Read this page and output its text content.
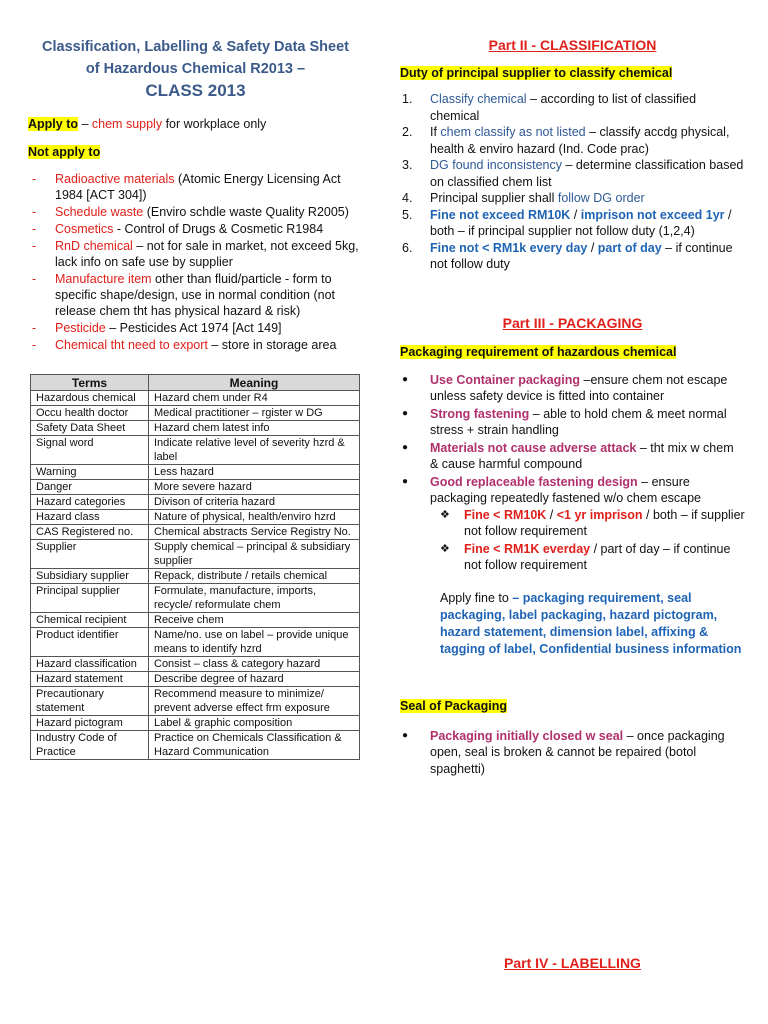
Classification, Labelling & Safety Data Sheet
of Hazardous Chemical R2013 –
CLASS 2013
Apply to – chem supply for workplace only
Not apply to
- Radioactive materials (Atomic Energy Licensing Act 1984 [ACT 304])
- Schedule waste (Enviro schdle waste Quality R2005)
- Cosmetics - Control of Drugs & Cosmetic R1984
- RnD chemical – not for sale in market, not exceed 5kg, lack info on safe use by supplier
- Manufacture item other than fluid/particle - form to specific shape/design, use in normal condition (not release chem tht has physical hazard & risk)
- Pesticide – Pesticides Act 1974 [Act 149]
- Chemical tht need to export – store in storage area
Terms	Meaning
Hazardous chemical	Hazard chem under R4
Occu health doctor	Medical practitioner – rgister w DG
Safety Data Sheet	Hazard chem latest info
Signal word	Indicate relative level of severity hzrd & label
Warning	Less hazard
Danger	More severe hazard
Hazard categories	Divison of criteria hazard
Hazard class	Nature of physical, health/enviro hzrd
CAS Registered no.	Chemical abstracts Service Registry No.
Supplier	Supply chemical – principal & subsidiary supplier
Subsidiary supplier	Repack, distribute / retails chemical
Principal supplier	Formulate, manufacture, imports, recycle/ reformulate chem
Chemical recipient	Receive chem
Product identifier	Name/no. use on label – provide unique means to identify hzrd
Hazard classification	Consist – class & category hazard
Hazard statement	Describe degree of hazard
Precautionary statement	Recommend measure to minimize/ prevent adverse effect frm exposure
Hazard pictogram	Label & graphic composition
Industry Code of Practice	Practice on Chemicals Classification & Hazard Communication
Part II - CLASSIFICATION
Duty of principal supplier to classify chemical
1. Classify chemical – according to list of classified chemical
2. If chem classify as not listed – classify accdg physical, health & enviro hazard (Ind. Code prac)
3. DG found inconsistency – determine classification based on classified chem list
4. Principal supplier shall follow DG order
5. Fine not exceed RM10K / imprison not exceed 1yr / both – if principal supplier not follow duty (1,2,4)
6. Fine not < RM1k every day / part of day – if continue not follow duty
Part III - PACKAGING
Packaging requirement of hazardous chemical
● Use Container packaging –ensure chem not escape unless safety device is fitted into container
● Strong fastening – able to hold chem & meet normal stress + strain handling
● Materials not cause adverse attack – tht mix w chem & cause harmful compound
● Good replaceable fastening design – ensure packaging repeatedly fastened w/o chem escape
❖ Fine < RM10K / <1 yr imprison / both – if supplier not follow requirement
❖ Fine < RM1K everday / part of day – if continue not follow requirement
Apply fine to – packaging requirement, seal packaging, label packaging, hazard pictogram, hazard statement, dimension label, affixing & tagging of label, Confidential business information
Seal of Packaging
● Packaging initially closed w seal – once packaging open, seal is broken & cannot be repaired (botol spaghetti)
Part IV - LABELLING
